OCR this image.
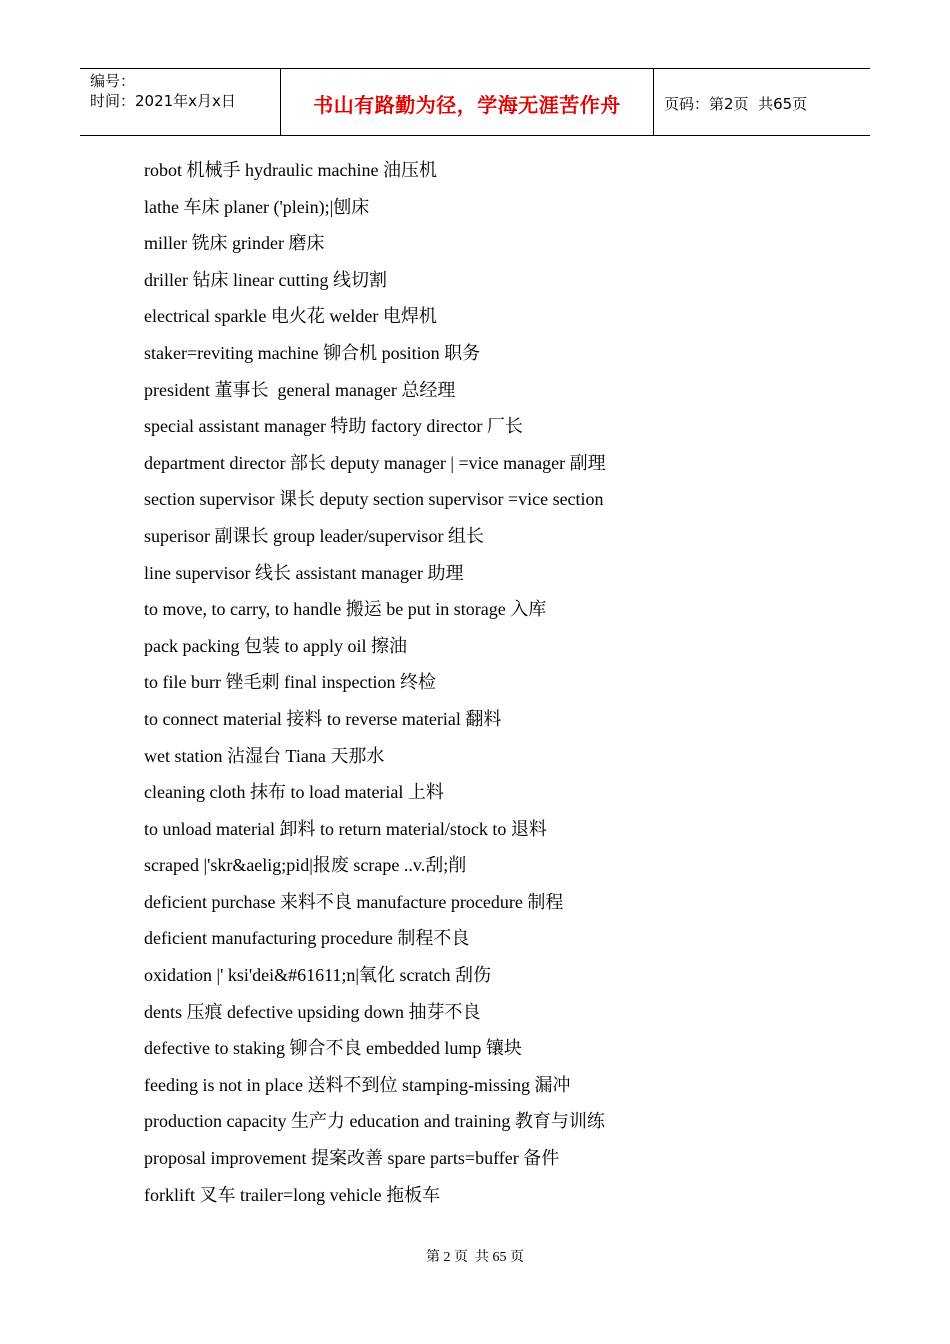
编号：
时间：2021年x月x日	书山有路勤为径，学海无涯苦作舟	页码：第2页  共65页
robot 机械手 hydraulic machine 油压机
lathe 车床 planer ('plein);|刨床
miller 铣床 grinder 磨床
driller 钻床 linear cutting 线切割
electrical sparkle 电火花 welder 电焊机
staker=reviting machine 铆合机 position 职务
president 董事长  general manager 总经理
special assistant manager 特助 factory director 厂长
department director 部长 deputy manager | =vice manager 副理
section supervisor 课长 deputy section supervisor =vice section
superisor 副课长 group leader/supervisor 组长
line supervisor 线长 assistant manager 助理
to move, to carry, to handle 搬运 be put in storage 入库
pack packing 包装 to apply oil 擦油
to file burr 锉毛刺 final inspection 终检
to connect material 接料 to reverse material 翻料
wet station 沾湿台 Tiana 天那水
cleaning cloth 抹布 to load material 上料
to unload material 卸料 to return material/stock to 退料
scraped |'skr&aelig;pid|报废 scrape ..v.刮;削
deficient purchase 来料不良 manufacture procedure 制程
deficient manufacturing procedure 制程不良
oxidation |' ksi'dei&#61611;n|氧化 scratch 刮伤
dents 压痕 defective upsiding down 抽芽不良
defective to staking 铆合不良 embedded lump 镶块
feeding is not in place 送料不到位 stamping-missing 漏冲
production capacity 生产力 education and training 教育与训练
proposal improvement 提案改善 spare parts=buffer 备件
forklift 叉车 trailer=long vehicle 拖板车
第 2 页  共 65 页
